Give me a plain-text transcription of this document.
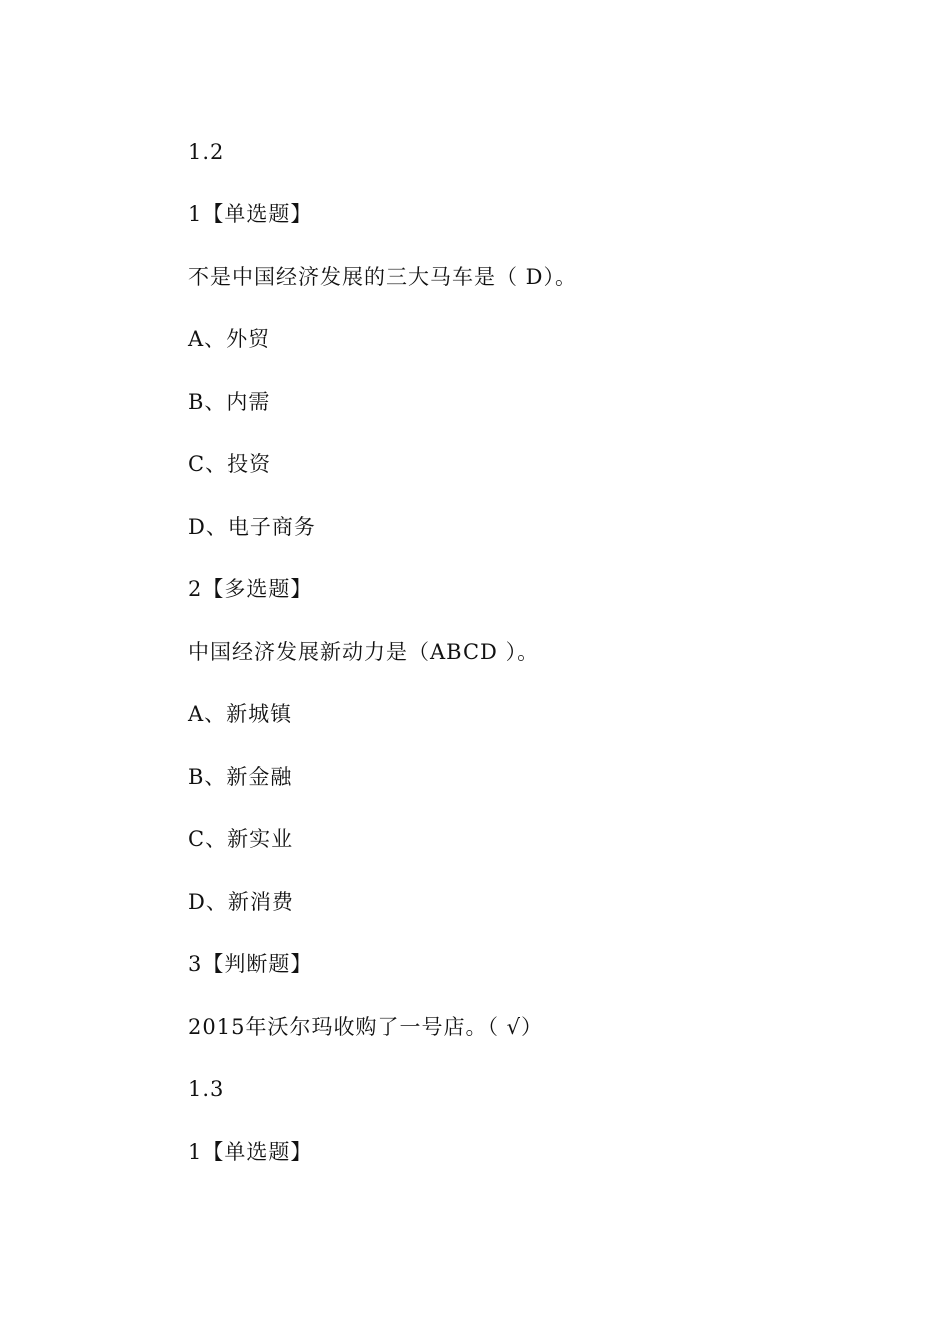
1.2
1【单选题】
不是中国经济发展的三大马车是（ D）。
A、外贸
B、内需
C、投资
D、电子商务
2【多选题】
中国经济发展新动力是（ABCD ）。
A、新城镇
B、新金融
C、新实业
D、新消费
3【判断题】
2015年沃尔玛收购了一号店。（ √）
1.3
1【单选题】
